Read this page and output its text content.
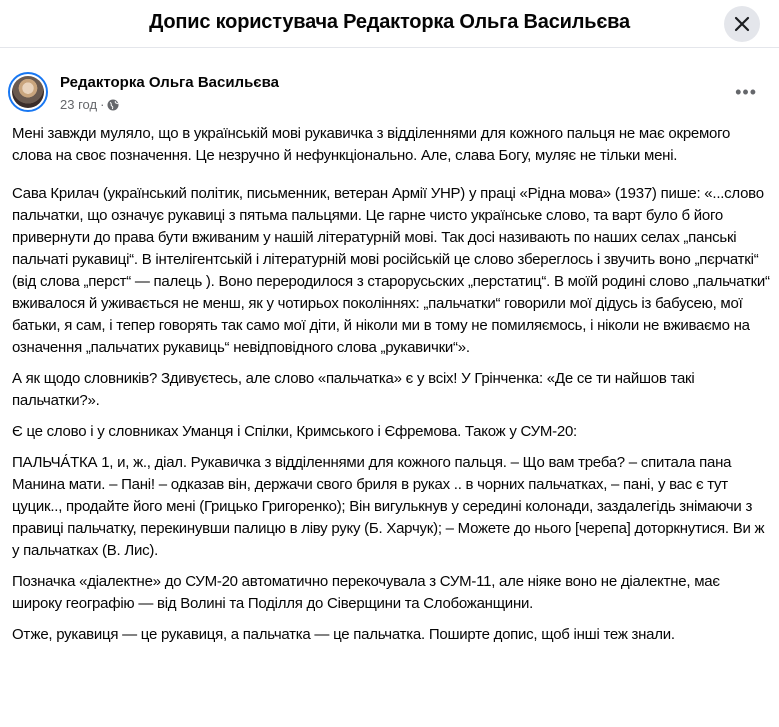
Допис користувача Редакторка Ольга Васильєва
Редакторка Ольга Васильєва
23 год ·
•••

Мені завжди муляло, що в українській мові рукавичка з відділеннями для кожного пальця не має окремого слова на своє позначення. Це незручно й нефункціонально. Але, слава Богу, муляє не тільки мені.

Сава Крилач (український політик, письменник, ветеран Армії УНР) у праці «Рідна мова» (1937) пише: «...слово пальчатки, що означує рукавиці з пятьма пальцями. Це гарне чисто українське слово, та варт було б його привернути до права бути вживаним у нашій літературній мові. Так досі називають по наших селах „панські пальчаті рукавиці“. В інтелігентській і літературній мові російській це слово збереглось і звучить воно „пєрчаткі“ (від слова „перст“ — палець ). Воно переродилося з старорусьских „перстатиц“. В моїй родині слово „пальчатки“ вживалося й уживається не менш, як у чотирьох поколіннях: „пальчатки“ говорили мої дідусь із бабусею, мої батьки, я сам, і тепер говорять так само мої діти, й ніколи ми в тому не помиляємось, і ніколи не вживаємо на означення „пальчатих рукавиць“ невідповідного слова „рукавички“».

А як щодо словників? Здивуєтесь, але слово «пальчатка» є у всіх! У Грінченка: «Де се ти найшов такі пальчатки?».

Є це слово і у словниках Уманця і Спілки, Кримського і Єфремова. Також у СУМ-20:

ПАЛЬЧА́ТКА 1, и, ж., діал. Рукавичка з відділеннями для кожного пальця. – Що вам треба? – спитала пана Манина мати. – Пані! – одказав він, держачи свого бриля в руках .. в чорних пальчатках, – пані, у вас є тут цуцик.., продайте його мені (Грицько Григоренко); Він вигулькнув у середині колонади, заздалегідь знімаючи з правиці пальчатку, перекинувши палицю в ліву руку (Б. Харчук); – Можете до нього [черепа] доторкнутися. Ви ж у пальчатках (В. Лис).

Позначка «діалектне» до СУМ-20 автоматично перекочувала з СУМ-11, але ніяке воно не діалектне, має широку географію — від Волині та Поділля до Сіверщини та Слобожанщини.

Отже, рукавиця — це рукавиця, а пальчатка — це пальчатка. Поширте допис, щоб інші теж знали.
